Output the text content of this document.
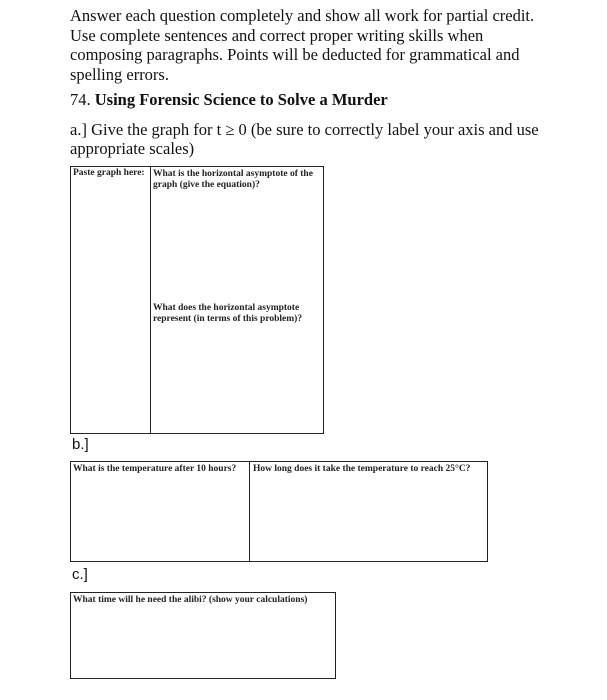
Answer each question completely and show all work for partial credit. Use complete sentences and correct proper writing skills when composing paragraphs. Points will be deducted for grammatical and spelling errors.
74. Using Forensic Science to Solve a Murder
a.] Give the graph for t ≥ 0 (be sure to correctly label your axis and use appropriate scales)
Paste graph here: What is the horizontal asymptote of the graph (give the equation)?
What does the horizontal asymptote represent (in terms of this problem)?
b.]
What is the temperature after 10 hours?	How long does it take the temperature to reach 25°C?
c.]
What time will he need the alibi? (show your calculations)
